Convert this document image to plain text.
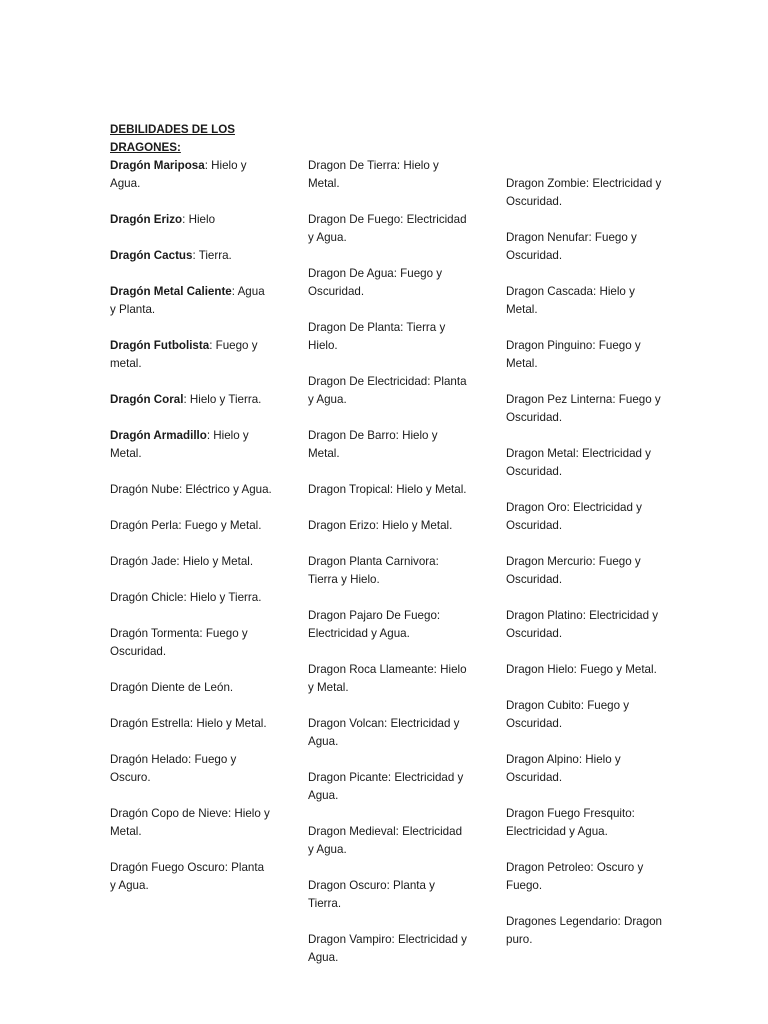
DEBILIDADES DE LOS DRAGONES:
Dragón Mariposa: Hielo y Agua.
Dragón Erizo: Hielo
Dragón Cactus: Tierra.
Dragón Metal Caliente: Agua y Planta.
Dragón Futbolista: Fuego y metal.
Dragón Coral: Hielo y Tierra.
Dragón Armadillo: Hielo y Metal.
Dragón Nube: Eléctrico y Agua.
Dragón Perla: Fuego y Metal.
Dragón Jade: Hielo y Metal.
Dragón Chicle: Hielo y Tierra.
Dragón Tormenta: Fuego y Oscuridad.
Dragón Diente de León.
Dragón Estrella: Hielo y Metal.
Dragón Helado: Fuego y Oscuro.
Dragón Copo de Nieve: Hielo y Metal.
Dragón Fuego Oscuro: Planta y Agua.
Dragon De Tierra: Hielo y Metal.
Dragon De Fuego: Electricidad y Agua.
Dragon De Agua: Fuego y Oscuridad.
Dragon De Planta: Tierra y Hielo.
Dragon De Electricidad: Planta y Agua.
Dragon De Barro: Hielo y Metal.
Dragon Tropical: Hielo y Metal.
Dragon Erizo: Hielo y Metal.
Dragon Planta Carnivora: Tierra y Hielo.
Dragon Pajaro De Fuego: Electricidad y Agua.
Dragon Roca Llameante: Hielo y Metal.
Dragon Volcan: Electricidad y Agua.
Dragon Picante: Electricidad y Agua.
Dragon Medieval: Electricidad y Agua.
Dragon Oscuro: Planta y Tierra.
Dragon Vampiro: Electricidad y Agua.
Dragon Zombie: Electricidad y Oscuridad.
Dragon Nenufar: Fuego y Oscuridad.
Dragon Cascada: Hielo y Metal.
Dragon Pinguino: Fuego y Metal.
Dragon Pez Linterna: Fuego y Oscuridad.
Dragon Metal: Electricidad y Oscuridad.
Dragon Oro: Electricidad y Oscuridad.
Dragon Mercurio: Fuego y Oscuridad.
Dragon Platino: Electricidad y Oscuridad.
Dragon Hielo: Fuego y Metal.
Dragon Cubito: Fuego y Oscuridad.
Dragon Alpino: Hielo y Oscuridad.
Dragon Fuego Fresquito: Electricidad y Agua.
Dragon Petroleo: Oscuro y Fuego.
Dragones Legendario: Dragon puro.
